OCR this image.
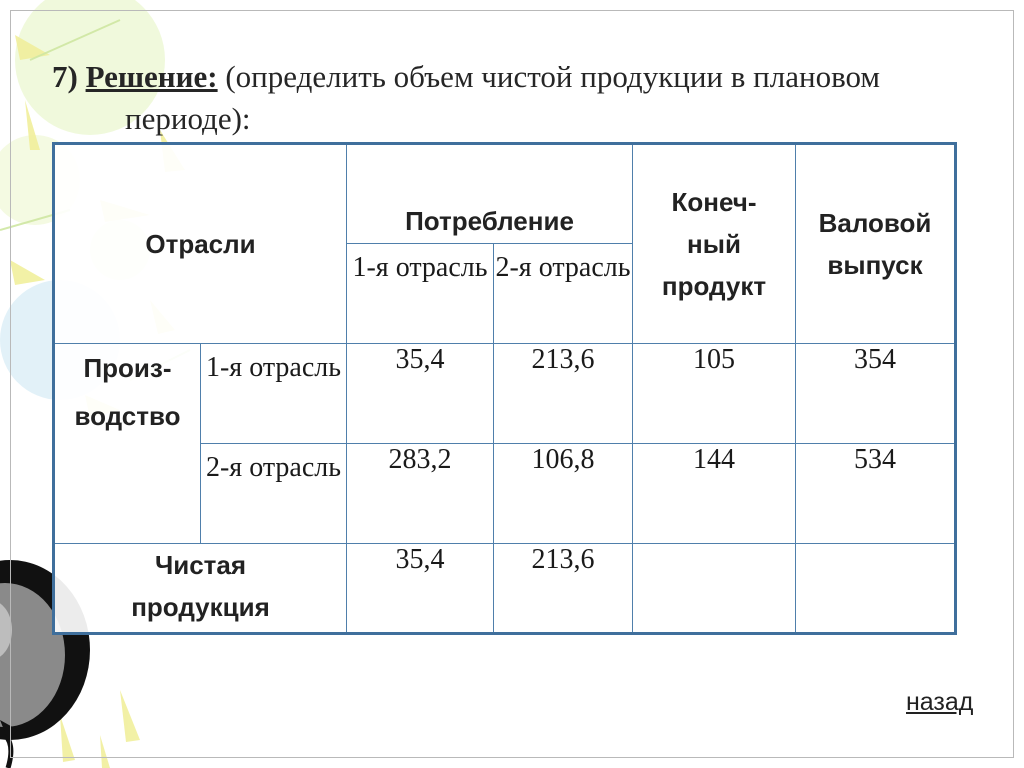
7) Решение: (определить объем чистой продукции в плановом
периоде):
Отрасли		Потребление		Конеч-ный продукт	Валовой выпуск
		1-я отрасль	2-я отрасль		
Произ-водство	1-я отрасль	35,4	213,6	105	354
	2-я отрасль	283,2	106,8	144	534
Чистая продукция		35,4	213,6		
назад
